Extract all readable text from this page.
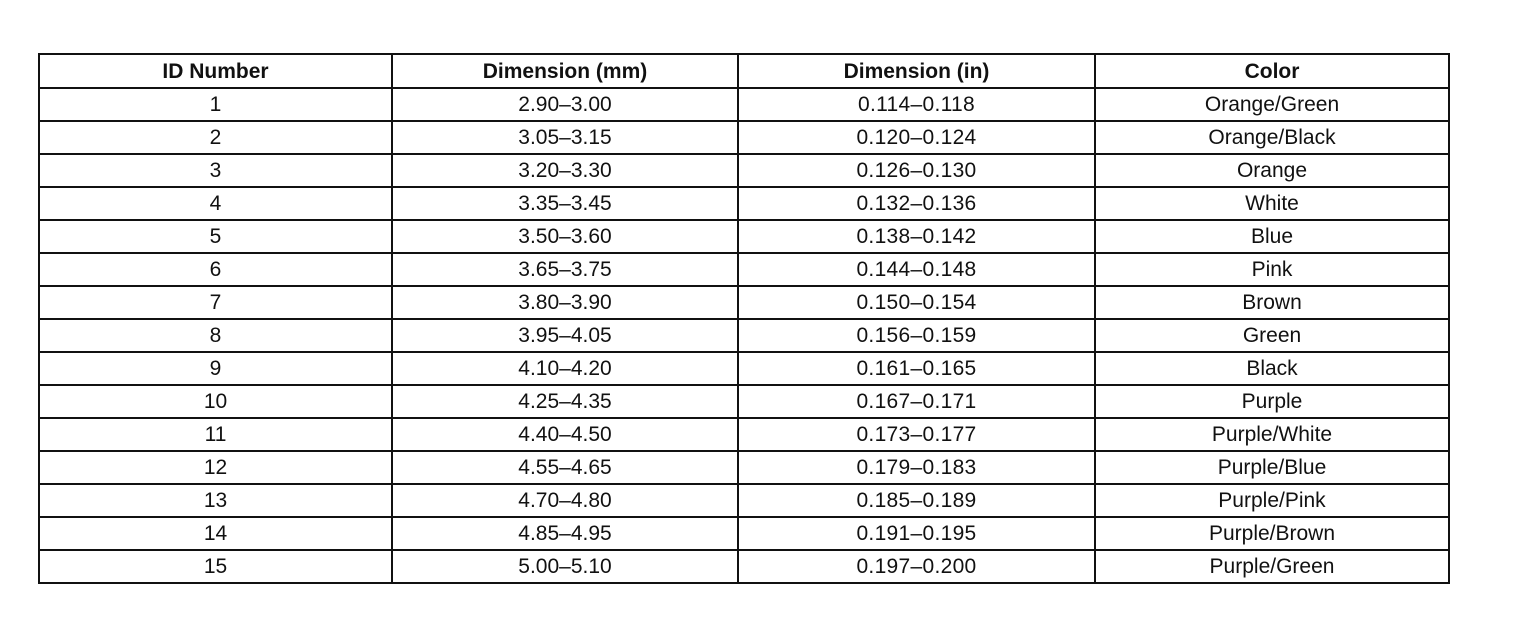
ID Number	Dimension (mm)	Dimension (in)	Color
1	2.90–3.00	0.114–0.118	Orange/Green
2	3.05–3.15	0.120–0.124	Orange/Black
3	3.20–3.30	0.126–0.130	Orange
4	3.35–3.45	0.132–0.136	White
5	3.50–3.60	0.138–0.142	Blue
6	3.65–3.75	0.144–0.148	Pink
7	3.80–3.90	0.150–0.154	Brown
8	3.95–4.05	0.156–0.159	Green
9	4.10–4.20	0.161–0.165	Black
10	4.25–4.35	0.167–0.171	Purple
11	4.40–4.50	0.173–0.177	Purple/White
12	4.55–4.65	0.179–0.183	Purple/Blue
13	4.70–4.80	0.185–0.189	Purple/Pink
14	4.85–4.95	0.191–0.195	Purple/Brown
15	5.00–5.10	0.197–0.200	Purple/Green
